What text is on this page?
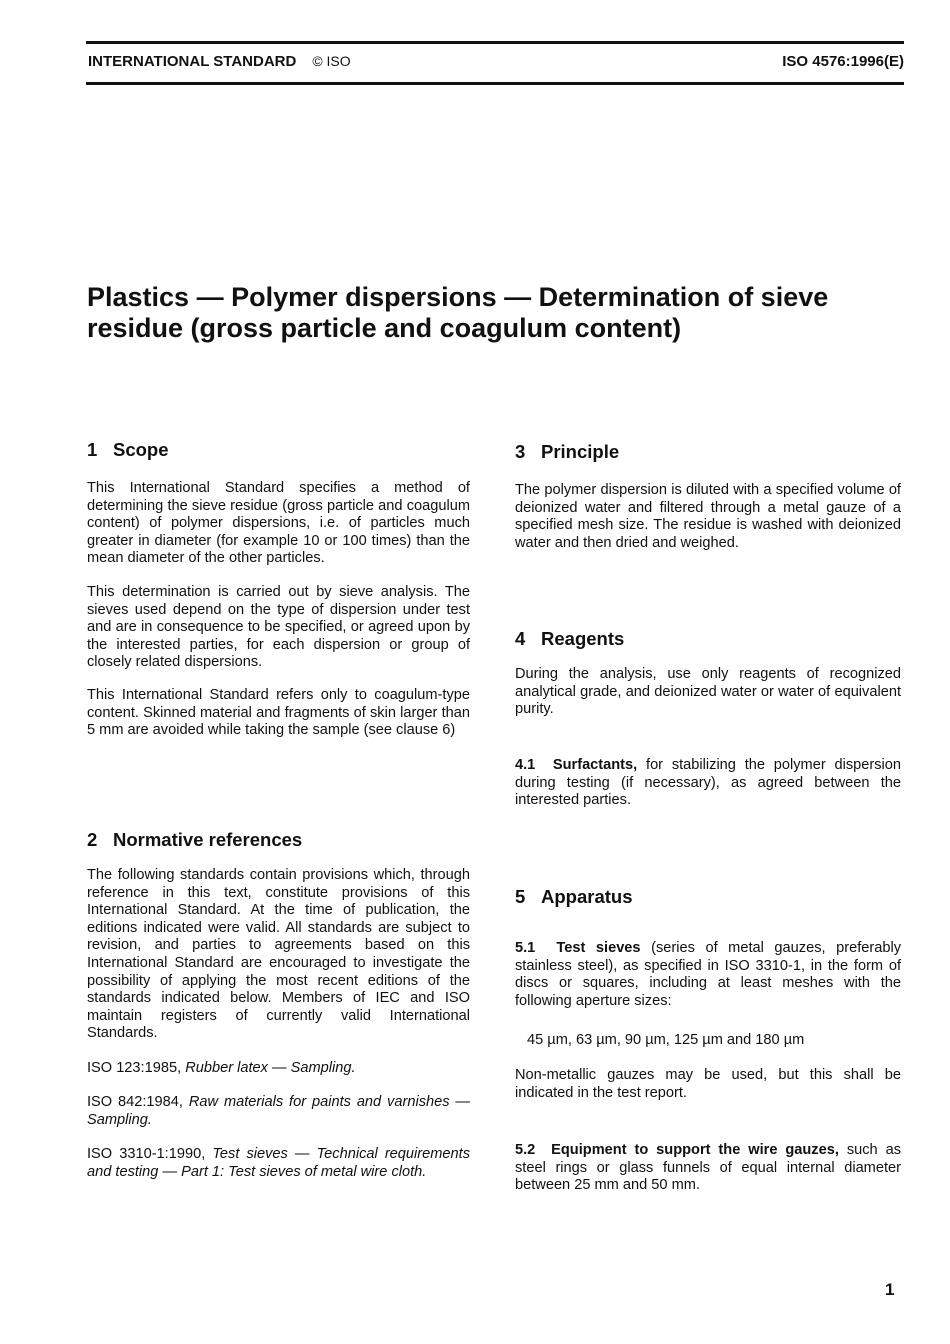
INTERNATIONAL STANDARD © ISO	ISO 4576:1996(E)
Plastics — Polymer dispersions — Determination of sieve residue (gross particle and coagulum content)
1 Scope
This International Standard specifies a method of determining the sieve residue (gross particle and coagulum content) of polymer dispersions, i.e. of particles much greater in diameter (for example 10 or 100 times) than the mean diameter of the other particles.
This determination is carried out by sieve analysis. The sieves used depend on the type of dispersion under test and are in consequence to be specified, or agreed upon by the interested parties, for each dispersion or group of closely related dispersions.
This International Standard refers only to coagulum-type content. Skinned material and fragments of skin larger than 5 mm are avoided while taking the sample (see clause 6)
2 Normative references
The following standards contain provisions which, through reference in this text, constitute provisions of this International Standard. At the time of publication, the editions indicated were valid. All standards are subject to revision, and parties to agreements based on this International Standard are encouraged to investigate the possibility of applying the most recent editions of the standards indicated below. Members of IEC and ISO maintain registers of currently valid International Standards.
ISO 123:1985, Rubber latex — Sampling.
ISO 842:1984, Raw materials for paints and varnishes — Sampling.
ISO 3310-1:1990, Test sieves — Technical requirements and testing — Part 1: Test sieves of metal wire cloth.
3 Principle
The polymer dispersion is diluted with a specified volume of deionized water and filtered through a metal gauze of a specified mesh size. The residue is washed with deionized water and then dried and weighed.
4 Reagents
During the analysis, use only reagents of recognized analytical grade, and deionized water or water of equivalent purity.
4.1 Surfactants, for stabilizing the polymer dispersion during testing (if necessary), as agreed between the interested parties.
5 Apparatus
5.1 Test sieves (series of metal gauzes, preferably stainless steel), as specified in ISO 3310-1, in the form of discs or squares, including at least meshes with the following aperture sizes:
45 µm, 63 µm, 90 µm, 125 µm and 180 µm
Non-metallic gauzes may be used, but this shall be indicated in the test report.
5.2 Equipment to support the wire gauzes, such as steel rings or glass funnels of equal internal diameter between 25 mm and 50 mm.
1
